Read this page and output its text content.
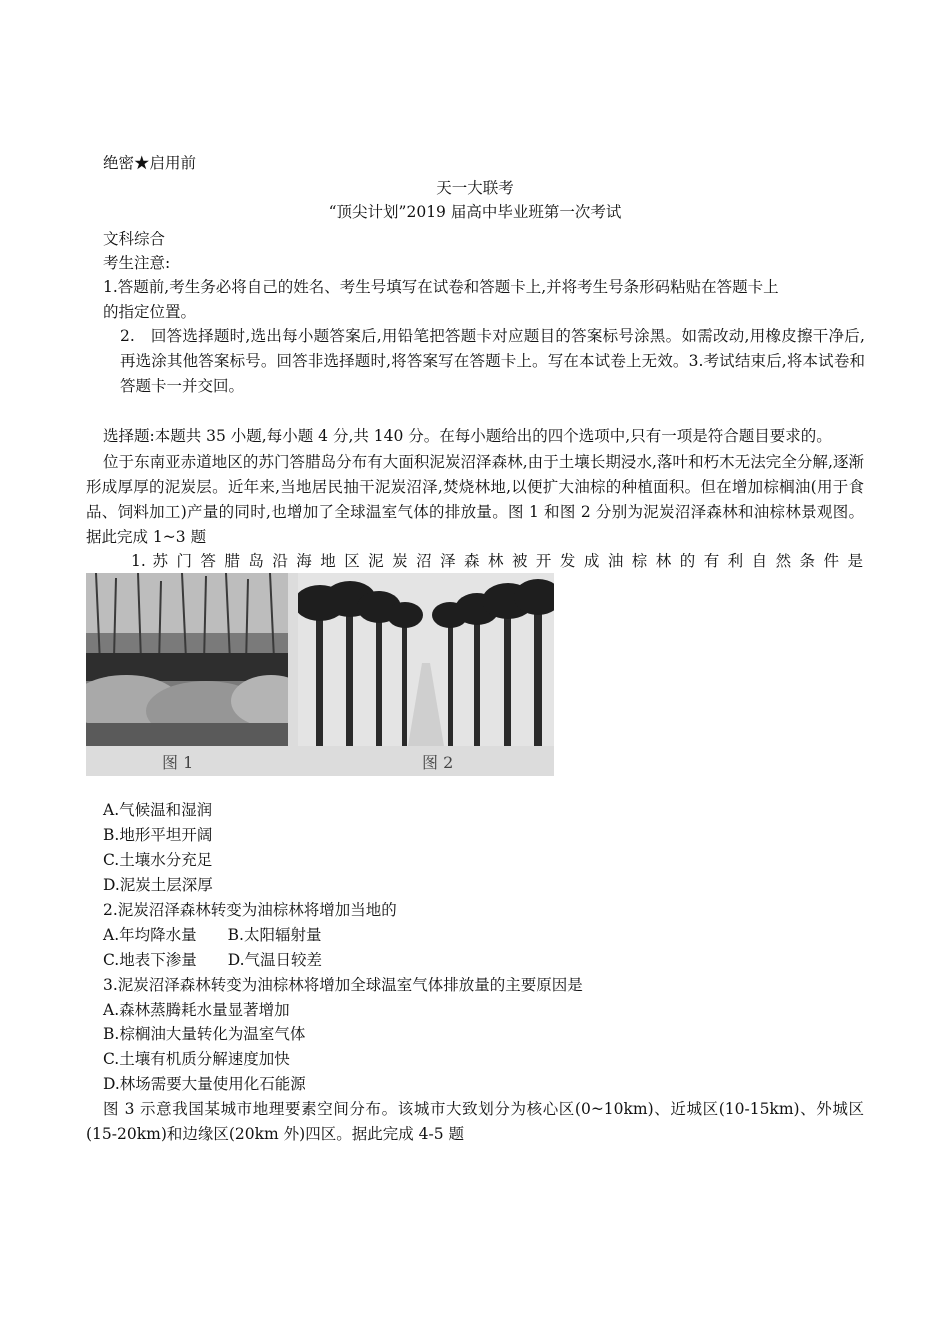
绝密★启用前
天一大联考
“顶尖计划”2019 届高中毕业班第一次考试
文科综合
考生注意:
1.答题前,考生务必将自己的姓名、考生号填写在试卷和答题卡上,并将考生号条形码粘贴在答题卡上
的指定位置。
2.　回答选择题时,选出每小题答案后,用铅笔把答题卡对应题目的答案标号涂黑。如需改动,用橡皮擦干净后,再选涂其他答案标号。回答非选择题时,将答案写在答题卡上。写在本试卷上无效。3.考试结束后,将本试卷和答题卡一并交回。
选择题:本题共 35 小题,每小题 4 分,共 140 分。在每小题给出的四个选项中,只有一项是符合题目要求的。
位于东南亚赤道地区的苏门答腊岛分布有大面积泥炭沼泽森林,由于土壤长期浸水,落叶和朽木无法完全分解,逐渐形成厚厚的泥炭层。近年来,当地居民抽干泥炭沼泽,焚烧林地,以便扩大油棕的种植面积。但在增加棕榈油(用于食品、饲料加工)产量的同时,也增加了全球温室气体的排放量。图 1 和图 2 分别为泥炭沼泽森林和油棕林景观图。据此完成 1~3 题
1. 苏 门 答 腊 岛 沿 海 地 区 泥 炭 沼 泽 森 林 被 开 发 成 油 棕 林 的 有 利 自 然 条 件 是
图 1	图 2
A.气候温和湿润
B.地形平坦开阔
C.土壤水分充足
D.泥炭土层深厚
2.泥炭沼泽森林转变为油棕林将增加当地的
A.年均降水量　　B.太阳辐射量
C.地表下渗量　　D.气温日较差
3.泥炭沼泽森林转变为油棕林将增加全球温室气体排放量的主要原因是
A.森林蒸腾耗水量显著增加
B.棕榈油大量转化为温室气体
C.土壤有机质分解速度加快
D.林场需要大量使用化石能源
图 3 示意我国某城市地理要素空间分布。该城市大致划分为核心区(0~10km)、近城区(10-15km)、外城区(15-20km)和边缘区(20km 外)四区。据此完成 4-5 题
